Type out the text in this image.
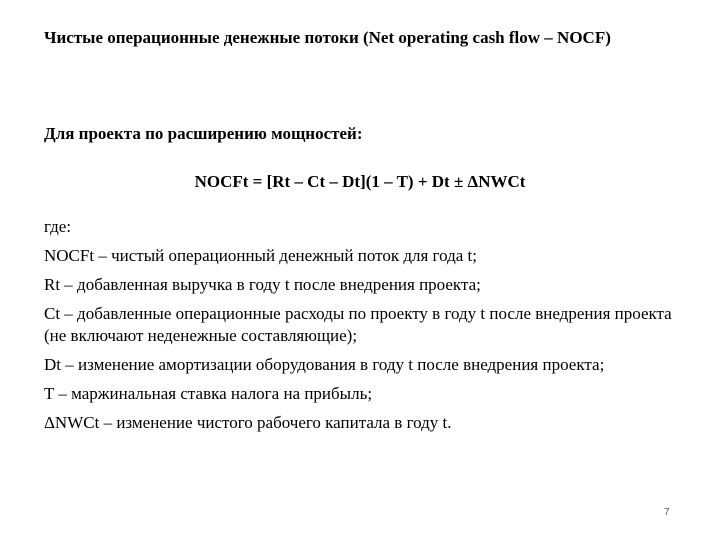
Чистые операционные денежные потоки (Net operating cash flow – NOCF)

Для проекта по расширению мощностей:

NOCFt = [Rt – Ct – Dt](1 – T) + Dt ± ΔNWCt

где:

NOCFt – чистый операционный денежный поток для года t;
Rt – добавленная выручка в году t после внедрения проекта;
Ct – добавленные операционные расходы по проекту в году t после внедрения проекта (не включают неденежные составляющие);
Dt – изменение амортизации оборудования в году t после внедрения проекта;
T – маржинальная ставка налога на прибыль;
ΔNWCt – изменение чистого рабочего капитала в году t.
7
